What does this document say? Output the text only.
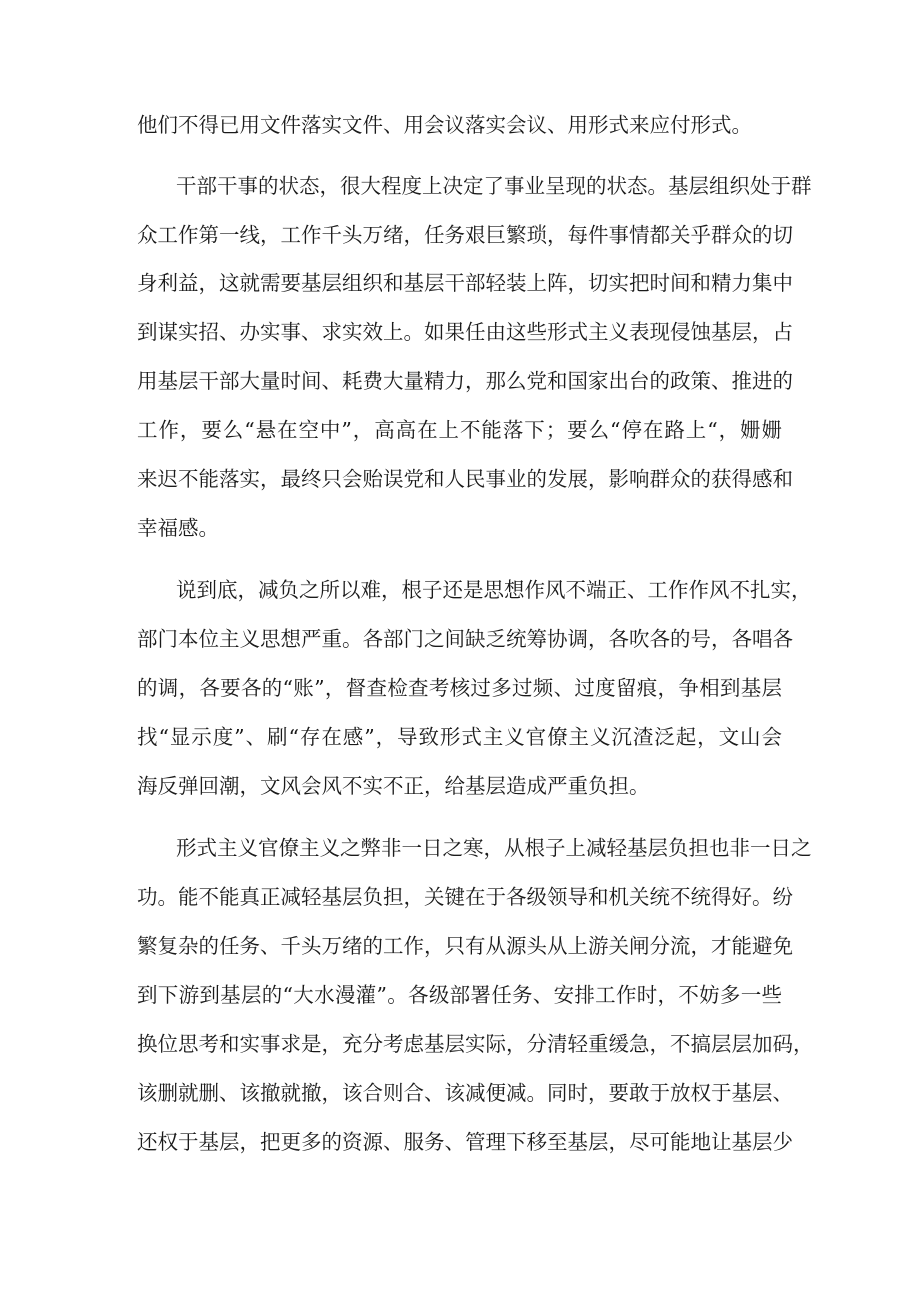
他们不得已用文件落实文件、用会议落实会议、用形式来应付形式。
干部干事的状态，很大程度上决定了事业呈现的状态。基层组织处于群
众工作第一线，工作千头万绪，任务艰巨繁琐，每件事情都关乎群众的切
身利益，这就需要基层组织和基层干部轻装上阵，切实把时间和精力集中
到谋实招、办实事、求实效上。如果任由这些形式主义表现侵蚀基层，占
用基层干部大量时间、耗费大量精力，那么党和国家出台的政策、推进的
工作，要么“悬在空中”，高高在上不能落下；要么“停在路上“，姗姗
来迟不能落实，最终只会贻误党和人民事业的发展，影响群众的获得感和
幸福感。
说到底，减负之所以难，根子还是思想作风不端正、工作作风不扎实，
部门本位主义思想严重。各部门之间缺乏统筹协调，各吹各的号，各唱各
的调，各要各的“账”，督查检查考核过多过频、过度留痕，争相到基层
找“显示度”、刷“存在感”，导致形式主义官僚主义沉渣泛起，文山会
海反弹回潮，文风会风不实不正，给基层造成严重负担。
形式主义官僚主义之弊非一日之寒，从根子上减轻基层负担也非一日之
功。能不能真正减轻基层负担，关键在于各级领导和机关统不统得好。纷
繁复杂的任务、千头万绪的工作，只有从源头从上游关闸分流，才能避免
到下游到基层的“大水漫灌”。各级部署任务、安排工作时，不妨多一些
换位思考和实事求是，充分考虑基层实际，分清轻重缓急，不搞层层加码，
该删就删、该撤就撤，该合则合、该减便减。同时，要敢于放权于基层、
还权于基层，把更多的资源、服务、管理下移至基层，尽可能地让基层少
